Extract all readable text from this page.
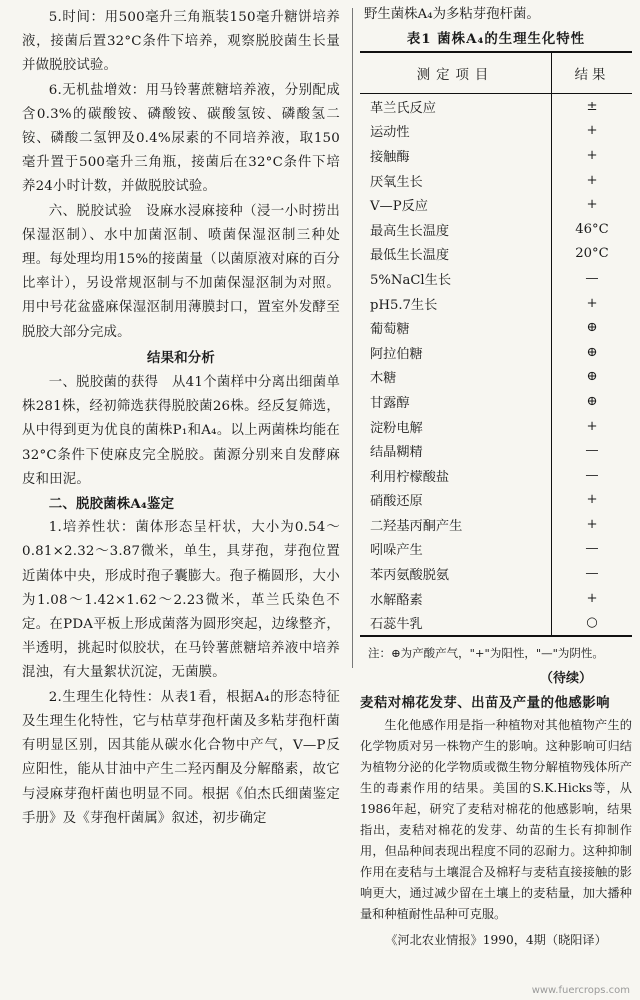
5.时间：用500毫升三角瓶装150毫升糖饼培养液，接菌后置32°C条件下培养，观察脱胶菌生长量并做脱胶试验。

6.无机盐增效：用马铃薯蔗糖培养液，分别配成含0.3%的碳酸铵、磷酸铵、碳酸氢铵、磷酸氢二铵、磷酸二氢钾及0.4%尿素的不同培养液，取150毫升置于500毫升三角瓶，接菌后在32°C条件下培养24小时计数，并做脱胶试验。

六、脱胶试验　设麻水浸麻接种（浸一小时捞出保湿沤制）、水中加菌沤制、喷菌保湿沤制三种处理。每处理均用15%的接菌量（以菌原液对麻的百分比率计），另设常规沤制与不加菌保湿沤制为对照。用中号花盆盛麻保湿沤制用薄膜封口，置室外发酵至脱胶大部分完成。

结果和分析

一、脱胶菌的获得　从41个菌样中分离出细菌单株281株，经初筛选获得脱胶菌26株。经反复筛选，从中得到更为优良的菌株P₁和A₄。以上两菌株均能在32°C条件下使麻皮完全脱胶。菌源分别来自发酵麻皮和田泥。

二、脱胶菌株A₄鉴定

1.培养性状：菌体形态呈杆状，大小为0.54～0.81×2.32～3.87微米，单生，具芽孢，芽孢位置近菌体中央，形成时孢子囊膨大。孢子椭圆形，大小为1.08～1.42×1.62～2.23微米，革兰氏染色不定。在PDA平板上形成菌落为圆形突起，边缘整齐，半透明，挑起时似胶状，在马铃薯蔗糖培养液中培养混浊，有大量絮状沉淀，无菌膜。

2.生理生化特性：从表1看，根据A₄的形态特征及生理生化特性，它与枯草芽孢杆菌及多粘芽孢杆菌有明显区别，因其能从碳水化合物中产气，V—P反应阳性，能从甘油中产生二羟丙酮及分解酪素，故它与浸麻芽孢杆菌也明显不同。根据《伯杰氏细菌鉴定手册》及《芽孢杆菌属》叙述，初步确定

野生菌株A₄为多粘芽孢杆菌。

表1 菌株A₄的生理生化特性
测定项目	结果
革兰氏反应	±
运动性	+
接触酶	+
厌氧生长	+
V—P反应	+
最高生长温度	46°C
最低生长温度	20°C
5%NaCl生长	—
pH5.7生长	+
葡萄糖	⊕
阿拉伯糖	⊕
木糖	⊕
甘露醇	⊕
淀粉电解	+
结晶糊精	—
利用柠檬酸盐	—
硝酸还原	+
二羟基丙酮产生	+
吲哚产生	—
苯丙氨酸脱氨	—
水解酪素	+
石蕊牛乳	○
注：⊕为产酸产气，"+"为阳性，"—"为阴性。
（待续）
麦秸对棉花发芽、出苗及产量的他感影响

生化他感作用是指一种植物对其他植物产生的化学物质对另一株物产生的影响。这种影响可归结为植物分泌的化学物质或微生物分解植物残体所产生的毒素作用的结果。美国的S.K.Hicks等，从1986年起，研究了麦秸对棉花的他感影响，结果指出，麦秸对棉花的发芽、幼苗的生长有抑制作用，但品种间表现出程度不同的忍耐力。这种抑制作用在麦秸与土壤混合及棉籽与麦秸直接接触的影响更大，通过减少留在土壤上的麦秸量，加大播种量和种植耐性品种可克服。

《河北农业情报》1990，4期（晓阳译）
www.fuercrops.com
